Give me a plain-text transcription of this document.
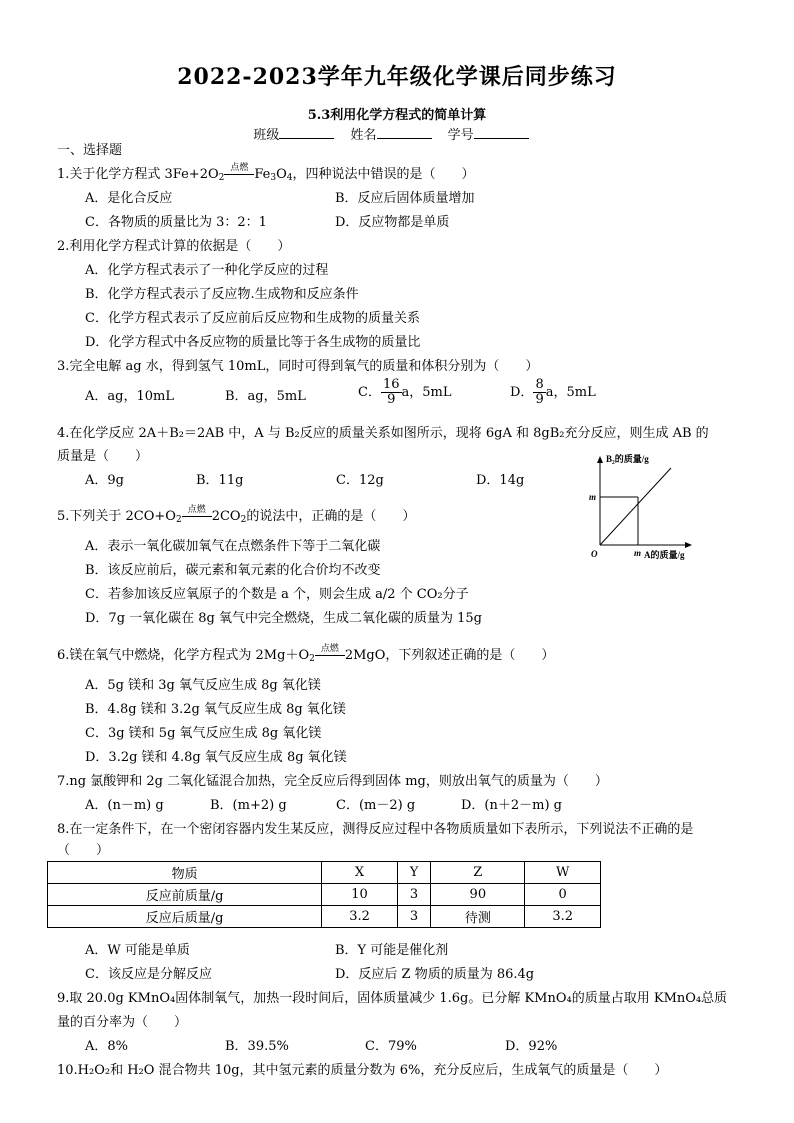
2022-2023学年九年级化学课后同步练习
5.3利用化学方程式的简单计算
班级	姓名	学号
一、选择题
1.关于化学方程式 $3Fe+2O_2$
点燃 $Fe_3O_4$，四种说法中错误的是（　　）
A．是化合反应	B．反应后固体质量增加
C．各物质的质量比为 3：2：1	D．反应物都是单质
2.利用化学方程式计算的依据是（　　）
A．化学方程式表示了一种化学反应的过程
B．化学方程式表示了反应物.生成物和反应条件
C．化学方程式表示了反应前后反应物和生成物的质量关系
D．化学方程式中各反应物的质量比等于各生成物的质量比
3.完全电解 ag 水，得到氢气 10mL，同时可得到氧气的质量和体积分别为（　　）
A．ag，10mL	B．ag，5mL	C． $\frac{16}{9}$ a，5mL	D． $\frac{8}{9}$ a，5mL
4.在化学反应 2A＋B₂＝2AB 中，A 与 B₂反应的质量关系如图所示，现将 6gA 和 8gB₂充分反应，则生成 AB 的
质量是（　　）
A．9g	B．11g	C．12g	D．14g
B₂的质量/g
m
O	m A的质量/g
5.下列关于 $2CO+O_2$
点燃 $2CO_2$的说法中，正确的是（　　）
A．表示一氧化碳加氧气在点燃条件下等于二氧化碳
B．该反应前后，碳元素和氧元素的化合价均不改变
C．若参加该反应氧原子的个数是 a 个，则会生成 a/2 个 CO₂分子
D．7g 一氧化碳在 8g 氧气中完全燃烧，生成二氧化碳的质量为 15g
6.镁在氧气中燃烧，化学方程式为 $2Mg+O_2$
点燃 2MgO，下列叙述正确的是（　　）
A．5g 镁和 3g 氧气反应生成 8g 氧化镁
B．4.8g 镁和 3.2g 氧气反应生成 8g 氧化镁
C．3g 镁和 5g 氧气反应生成 8g 氧化镁
D．3.2g 镁和 4.8g 氧气反应生成 8g 氧化镁
7.ng 氯酸钾和 2g 二氧化锰混合加热，完全反应后得到固体 mg，则放出氧气的质量为（　　）
A．(n－m) g	B．(m+2) g	C．(m－2) g	D．(n＋2－m) g
8.在一定条件下，在一个密闭容器内发生某反应，测得反应过程中各物质质量如下表所示，下列说法不正确的是
（　　）
物质	X	Y	Z	W
反应前质量/g	10	3	90	0
反应后质量/g	3.2	3	待测	3.2
A．W 可能是单质	B．Y 可能是催化剂
C．该反应是分解反应	D．反应后 Z 物质的质量为 86.4g
9.取 20.0g KMnO₄固体制氧气，加热一段时间后，固体质量减少 1.6g。已分解 KMnO₄的质量占取用 KMnO₄总质
量的百分率为（　　）
A．8%	B．39.5%	C．79%	D．92%
10.H₂O₂和 H₂O 混合物共 10g，其中氢元素的质量分数为 6%，充分反应后，生成氧气的质量是（　　）
